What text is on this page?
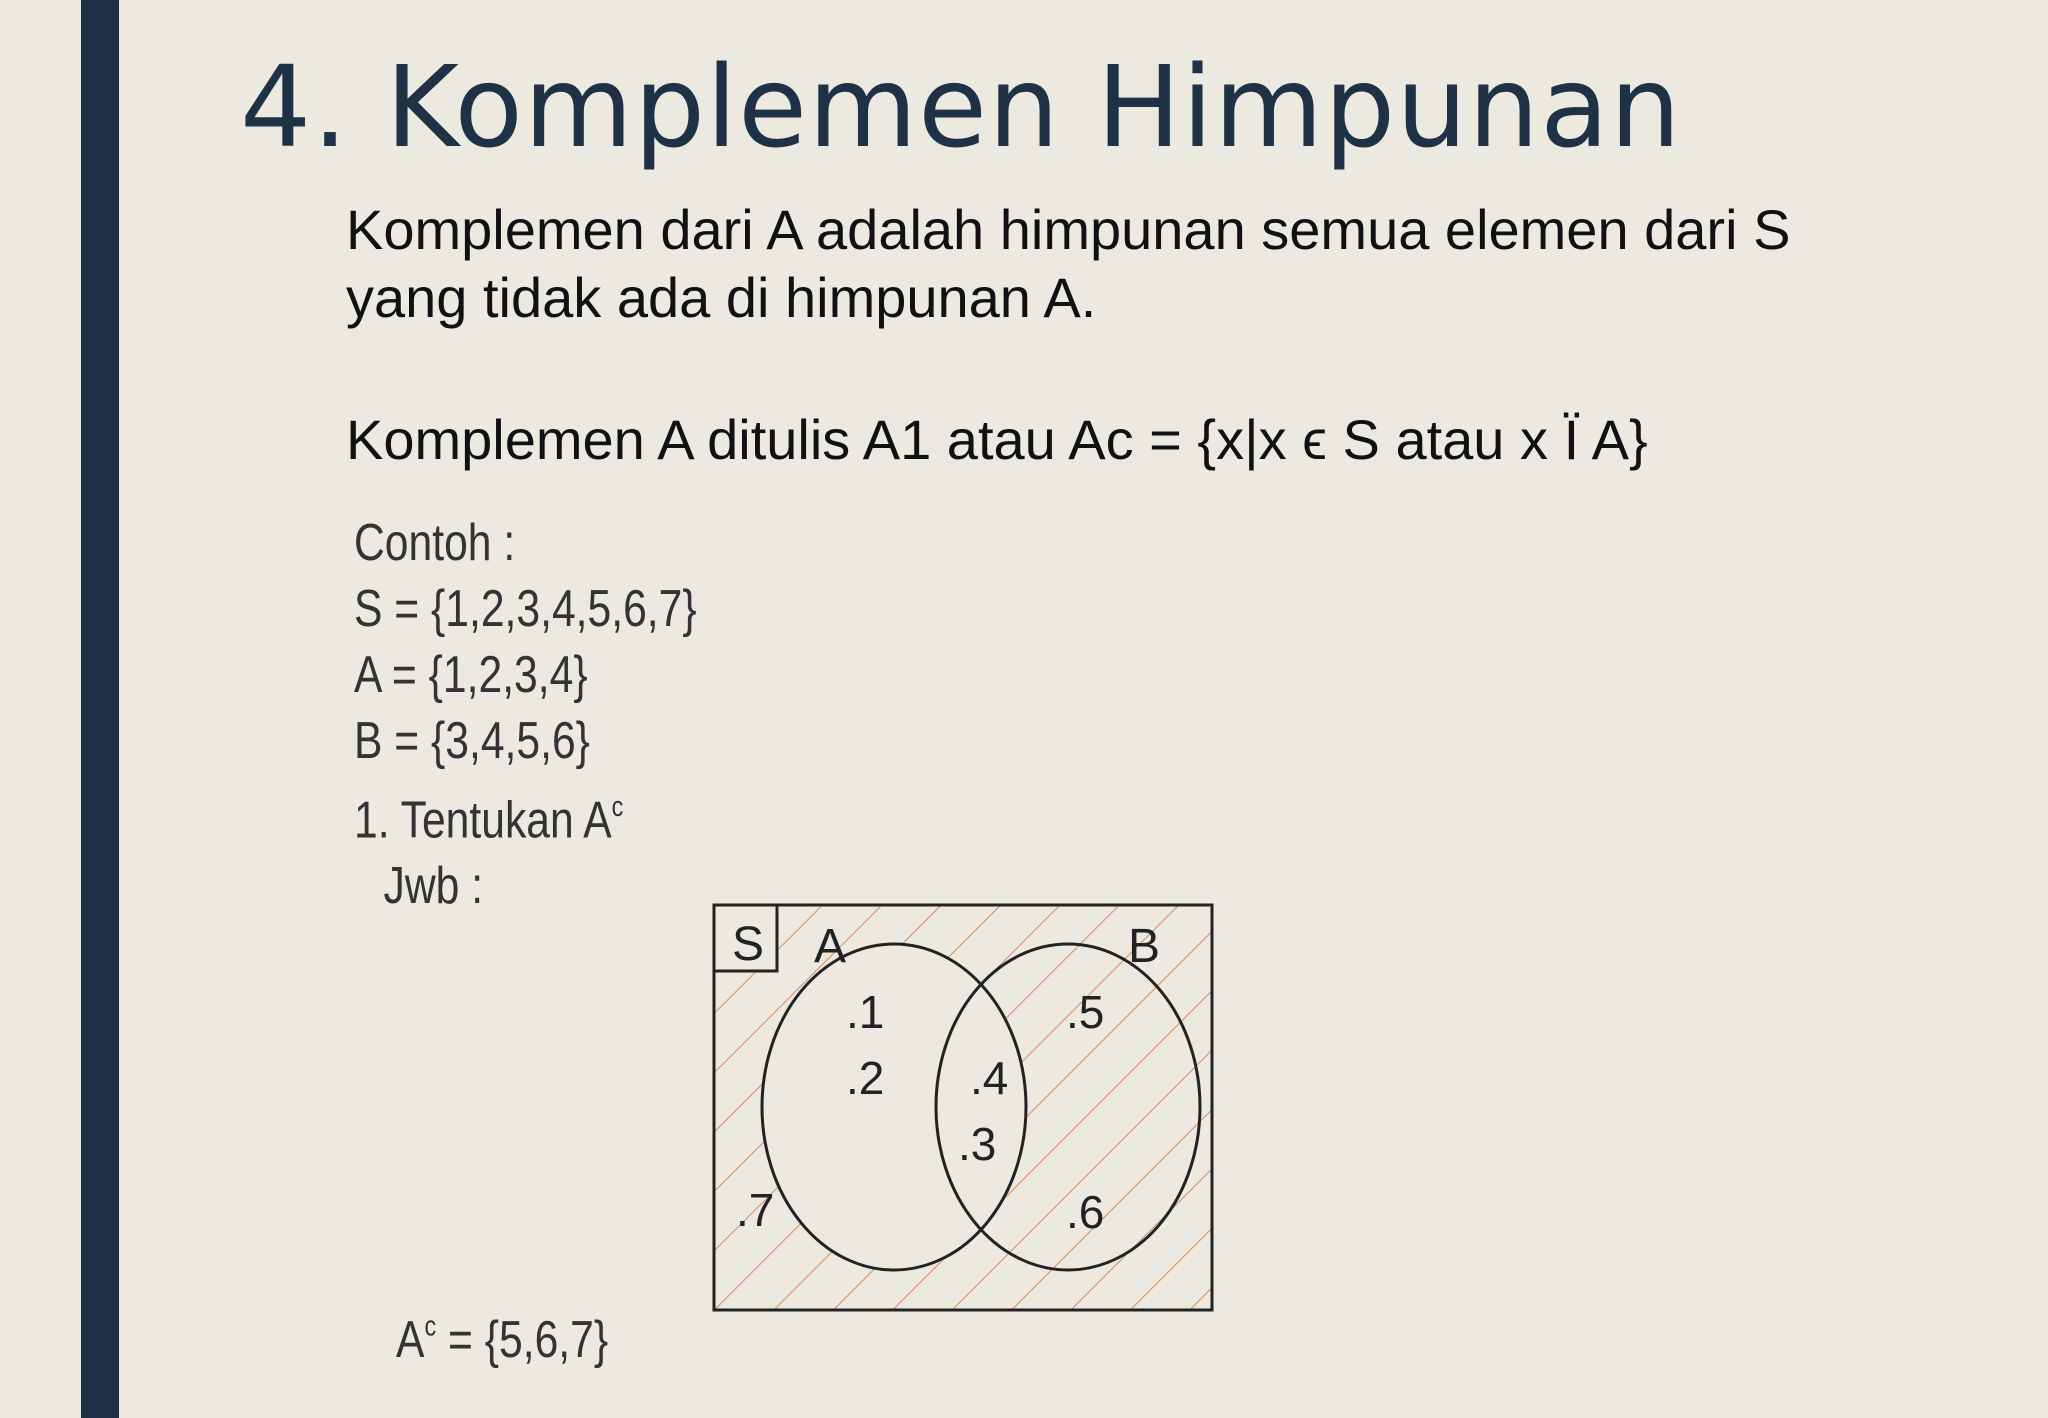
4. Komplemen Himpunan
Komplemen dari A adalah himpunan semua elemen dari S
yang tidak ada di himpunan A.
Komplemen A ditulis A1 atau Ac = {x|x ϵ S atau x Ï A}
Contoh :
S = {1,2,3,4,5,6,7}
A = {1,2,3,4}
B = {3,4,5,6}
1. Tentukan $A^c$
Jwb :
S A	B
.1
.2 .4
.3
.5
.6
.7
$A^c = \{5,6,7\}$
